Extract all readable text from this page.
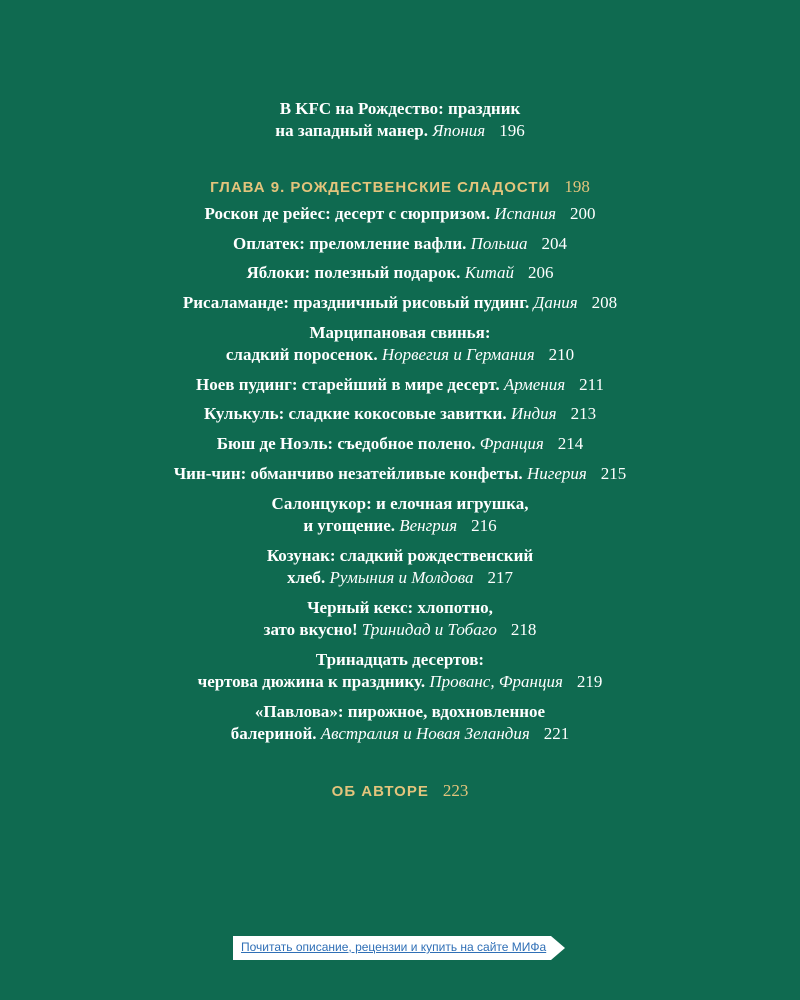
В KFC на Рождество: праздник
на западный манер. Япония 196
ГЛАВА 9. РОЖДЕСТВЕНСКИЕ СЛАДОСТИ 198
Роскон де рейес: десерт с сюрпризом. Испания 200
Оплатек: преломление вафли. Польша 204
Яблоки: полезный подарок. Китай 206
Рисаламанде: праздничный рисовый пудинг. Дания 208
Марципановая свинья:
сладкий поросенок. Норвегия и Германия 210
Ноев пудинг: старейший в мире десерт. Армения 211
Кулькуль: сладкие кокосовые завитки. Индия 213
Бюш де Ноэль: съедобное полено. Франция 214
Чин-чин: обманчиво незатейливые конфеты. Нигерия 215
Салонцукор: и елочная игрушка,
и угощение. Венгрия 216
Козунак: сладкий рождественский
хлеб. Румыния и Молдова 217
Черный кекс: хлопотно,
зато вкусно! Тринидад и Тобаго 218
Тринадцать десертов:
чертова дюжина к празднику. Прованс, Франция 219
«Павлова»: пирожное, вдохновленное
балериной. Австралия и Новая Зеландия 221
ОБ АВТОРЕ 223
Почитать описание, рецензии и купить на сайте МИФа
